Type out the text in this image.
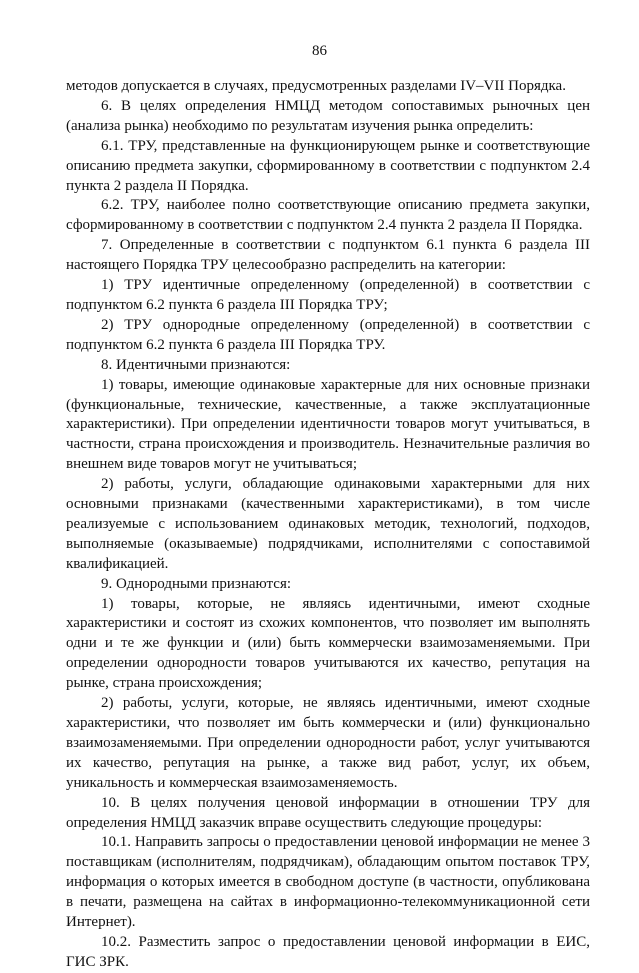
86

методов допускается в случаях, предусмотренных разделами IV–VII Порядка.

6. В целях определения НМЦД методом сопоставимых рыночных цен (анализа рынка) необходимо по результатам изучения рынка определить:

6.1. ТРУ, представленные на функционирующем рынке и соответствующие описанию предмета закупки, сформированному в соответствии с подпунктом 2.4 пункта 2 раздела II Порядка.

6.2. ТРУ, наиболее полно соответствующие описанию предмета закупки, сформированному в соответствии с подпунктом 2.4 пункта 2 раздела II Порядка.

7. Определенные в соответствии с подпунктом 6.1 пункта 6 раздела III настоящего Порядка ТРУ целесообразно распределить на категории:

1) ТРУ идентичные определенному (определенной) в соответствии с подпунктом 6.2 пункта 6 раздела III Порядка ТРУ;

2) ТРУ однородные определенному (определенной) в соответствии с подпунктом 6.2 пункта 6 раздела III Порядка ТРУ.

8. Идентичными признаются:

1) товары, имеющие одинаковые характерные для них основные признаки (функциональные, технические, качественные, а также эксплуатационные характеристики). При определении идентичности товаров могут учитываться, в частности, страна происхождения и производитель. Незначительные различия во внешнем виде товаров могут не учитываться;

2) работы, услуги, обладающие одинаковыми характерными для них основными признаками (качественными характеристиками), в том числе реализуемые с использованием одинаковых методик, технологий, подходов, выполняемые (оказываемые) подрядчиками, исполнителями с сопоставимой квалификацией.

9. Однородными признаются:

1) товары, которые, не являясь идентичными, имеют сходные характеристики и состоят из схожих компонентов, что позволяет им выполнять одни и те же функции и (или) быть коммерчески взаимозаменяемыми. При определении однородности товаров учитываются их качество, репутация на рынке, страна происхождения;

2) работы, услуги, которые, не являясь идентичными, имеют сходные характеристики, что позволяет им быть коммерчески и (или) функционально взаимозаменяемыми. При определении однородности работ, услуг учитываются их качество, репутация на рынке, а также вид работ, услуг, их объем, уникальность и коммерческая взаимозаменяемость.

10. В целях получения ценовой информации в отношении ТРУ для определения НМЦД заказчик вправе осуществить следующие процедуры:

10.1. Направить запросы о предоставлении ценовой информации не менее 3 поставщикам (исполнителям, подрядчикам), обладающим опытом поставок ТРУ, информация о которых имеется в свободном доступе (в частности, опубликована в печати, размещена на сайтах в информационно-телекоммуникационной сети Интернет).

10.2. Разместить запрос о предоставлении ценовой информации в ЕИС, ГИС ЗРК.
